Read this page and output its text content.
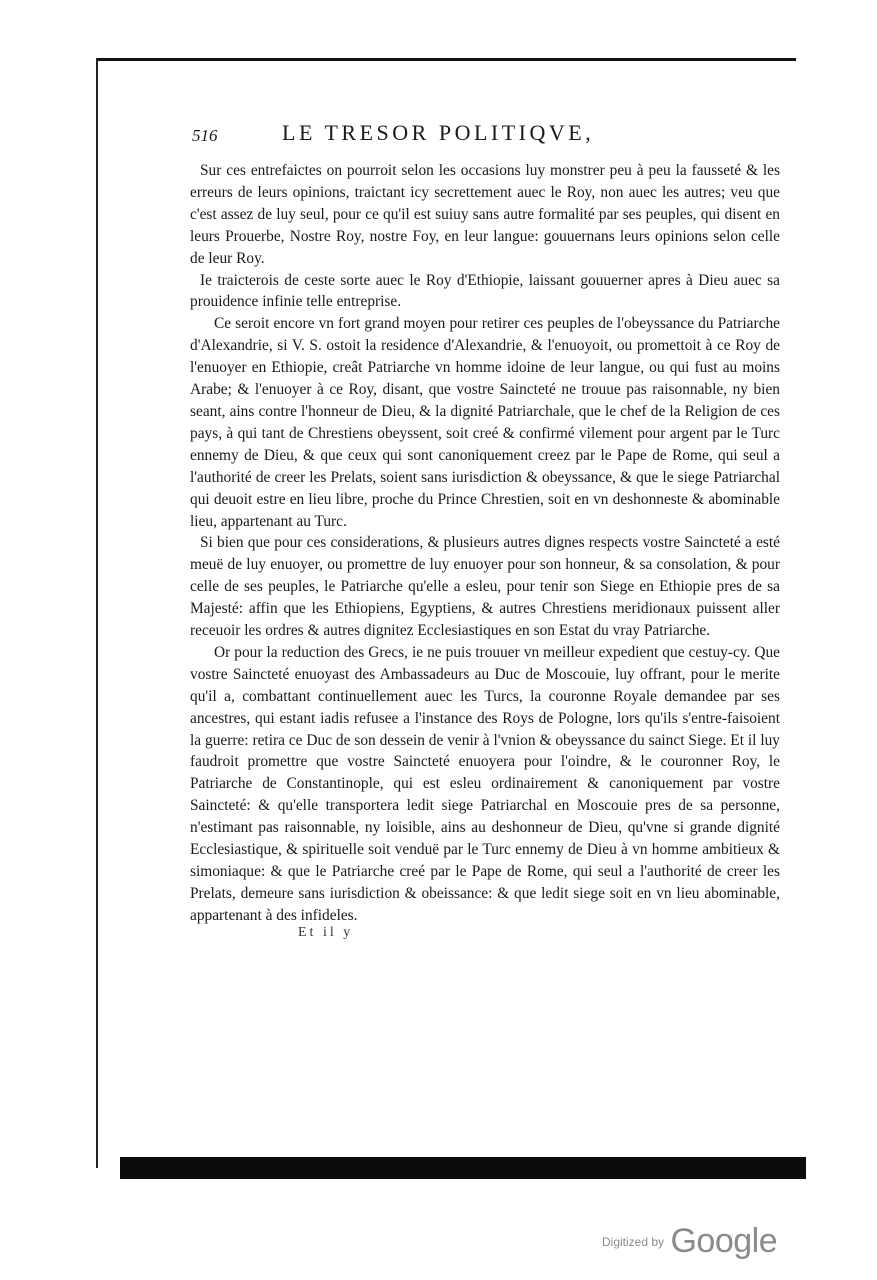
516	LE TRESOR POLITIQVE,

Sur ces entrefaictes on pourroit selon les occasions luy monstrer peu à peu la fausseté & les erreurs de leurs opinions, traictant icy secrettement auec le Roy, non auec les autres; veu que c'est assez de luy seul, pour ce qu'il est suiuy sans autre formalité par ses peuples, qui disent en leurs Prouerbe, Nostre Roy, nostre Foy, en leur langue: gouuernans leurs opinions selon celle de leur Roy.

Ie traicterois de ceste sorte auec le Roy d'Ethiopie, laissant gouuerner apres à Dieu auec sa prouidence infinie telle entreprise.

Ce seroit encore vn fort grand moyen pour retirer ces peuples de l'obeyssance du Patriarche d'Alexandrie, si V. S. ostoit la residence d'Alexandrie, & l'enuoyoit, ou promettoit à ce Roy de l'enuoyer en Ethiopie, creât Patriarche vn homme idoine de leur langue, ou qui fust au moins Arabe; & l'enuoyer à ce Roy, disant, que vostre Saincteté ne trouue pas raisonnable, ny bien seant, ains contre l'honneur de Dieu, & la dignité Patriarchale, que le chef de la Religion de ces pays, à qui tant de Chrestiens obeyssent, soit creé & confirmé vilement pour argent par le Turc ennemy de Dieu, & que ceux qui sont canoniquement creez par le Pape de Rome, qui seul a l'authorité de creer les Prelats, soient sans iurisdiction & obeyssance, & que le siege Patriarchal qui deuoit estre en lieu libre, proche du Prince Chrestien, soit en vn deshonneste & abominable lieu, appartenant au Turc.

Si bien que pour ces considerations, & plusieurs autres dignes respects vostre Saincteté a esté meuë de luy enuoyer, ou promettre de luy enuoyer pour son honneur, & sa consolation, & pour celle de ses peuples, le Patriarche qu'elle a esleu, pour tenir son Siege en Ethiopie pres de sa Majesté: affin que les Ethiopiens, Egyptiens, & autres Chrestiens meridionaux puissent aller receuoir les ordres & autres dignitez Ecclesiastiques en son Estat du vray Patriarche.

Or pour la reduction des Grecs, ie ne puis trouuer vn meilleur expedient que cestuy-cy. Que vostre Saincteté enuoyast des Ambassadeurs au Duc de Moscouie, luy offrant, pour le merite qu'il a, combattant continuellement auec les Turcs, la couronne Royale demandee par ses ancestres, qui estant iadis refusee a l'instance des Roys de Pologne, lors qu'ils s'entre-faisoient la guerre: retira ce Duc de son dessein de venir à l'vnion & obeyssance du sainct Siege. Et il luy faudroit promettre que vostre Saincteté enuoyera pour l'oindre, & le couronner Roy, le Patriarche de Constantinople, qui est esleu ordinairement & canoniquement par vostre Saincteté: & qu'elle transportera ledit siege Patriarchal en Moscouie pres de sa personne, n'estimant pas raisonnable, ny loisible, ains au deshonneur de Dieu, qu'vne si grande dignité Ecclesiastique, & spirituelle soit venduë par le Turc ennemy de Dieu à vn homme ambitieux & simoniaque: & que le Patriarche creé par le Pape de Rome, qui seul a l'authorité de creer les Prelats, demeure sans iurisdiction & obeissance: & que ledit siege soit en vn lieu abominable, appartenant à des infideles.

Et il y
$^{Digitized by}$ Google
